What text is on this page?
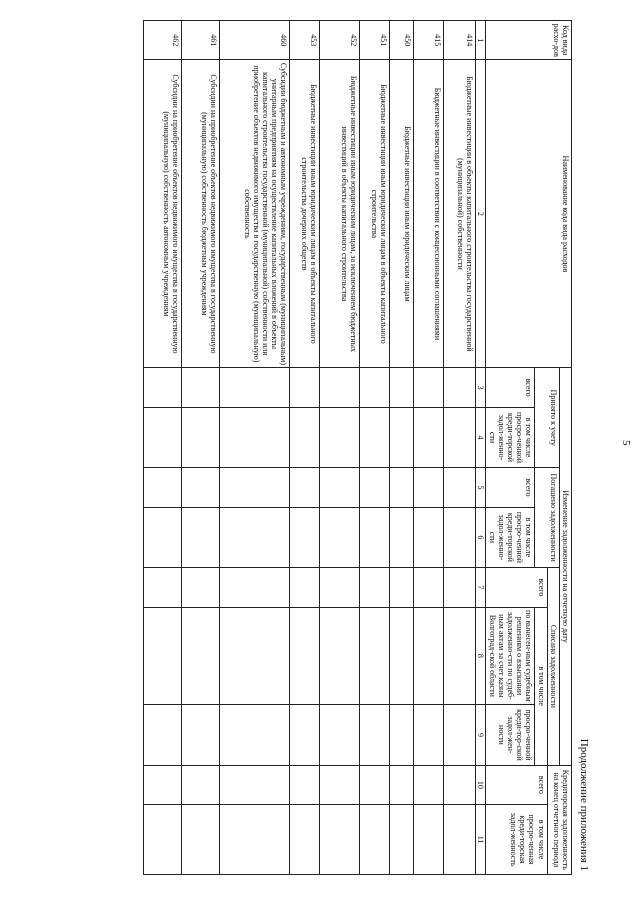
5
Продолжение приложения 1
Код вида расхо-дов	Наименование кода вида расходов	Изменение задолженности на отчетную дату							Кредиторская задолженность на конец отчетного периода	
		Принято к учету		Погашено задолженности		Списано задолженности				
						всего	в том числе		всего	в том числе просро-ченная креди-торская задол-женность
		всего	в том числе просро-ченной креди-торской задол-женно-сти	всего	в том числе просро-ченной креди-торской задол-женно-сти		по вынесен-ным судебным решениям о взыскании задолженно-сти по судеб-ным актам за счет казны Волгоград-ской области	просро-ченной креди-тор-ской задол-жен-ности		
1	2	3	4	5	6	7	8	9	10	11
414	Бюджетные инвестиции в объекты капитального строительства государственной (муниципальной) собственности									
415	Бюджетные инвестиции в соответствии с концессионными соглашениями									
450	Бюджетные инвестиции иным юридическим лицам									
451	Бюджетные инвестиции иным юридическим лицам в объекты капитального строительства									
452	Бюджетные инвестиции иным юридическим лицам, за исключением бюджетных инвестиций в объекты капитального строительства									
453	Бюджетные инвестиции иным юридическим лицам в объекты капитального строительства дочерних обществ									
460	Субсидии бюджетным и автономным учреждениям, государственным (муниципальным) унитарным предприятиям на осуществление капитальных вложений в объекты капитального строительства государственной (муниципальной) собственности или приобретение объектов недвижимого имущества в государственную (муниципальную) собственность									
461	Субсидии на приобретение объектов недвижимого имущества в государственную (муниципальную) собственность бюджетным учреждениям									
462	Субсидии на приобретение объектов недвижимого имущества в государственную (муниципальную) собственность автономным учреждениям									
